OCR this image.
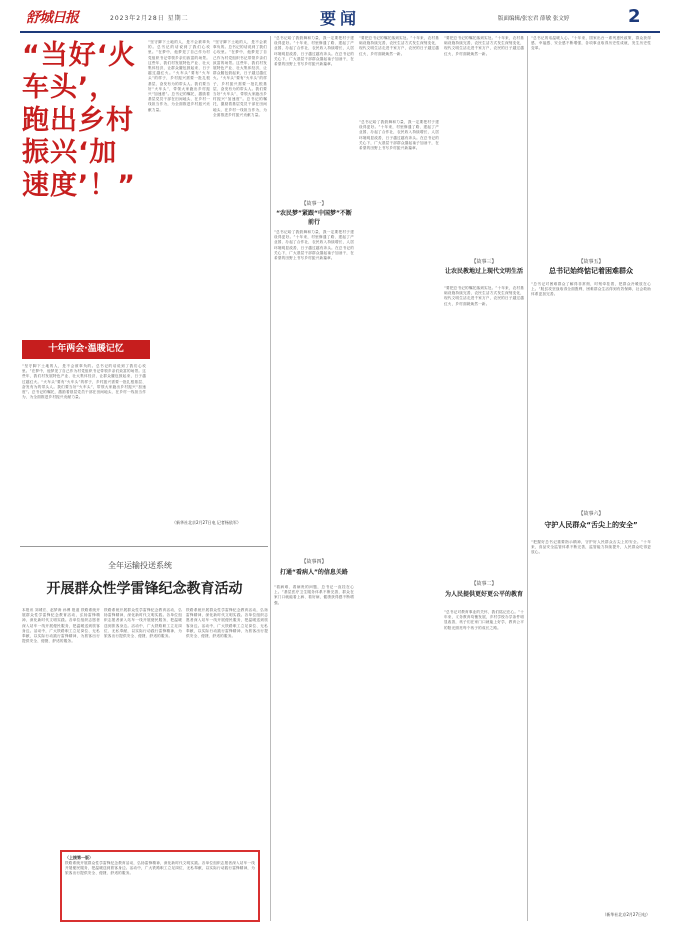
舒城日报	2023年2月28日 星期二	要闻	版面编辑/张宏君 薛敏 张文婷	2
“当好‘火车头’，跑出乡村振兴‘加速度’！”
十年两会·温暖记忆
“坚守脚下土地的人，是不会被辜负的。总书记的话说到了我们心坎里。”在梦中，他梦见了自己作为村党组织书记带领乡亲们致富的场景。这些年，我们村发展特色产业、壮大集体经济，让群众腰包鼓起来，日子越过越红火。“火车头”要有“火车头”的样子，乡村振兴需要一批扎根基层、奋发有为的带头人。我们要当好“火车头”，带领大家跑出乡村振兴“加速度”。总书记的嘱托，激励着基层党员干部在田间地头、在乡村一线担当作为，为全面推进乡村振兴贡献力量。
“坚守脚下土地的人，是不会被辜负的。总书记的话说到了我们心坎里。”在梦中，他梦见了自己作为村党组织书记带领乡亲们致富的场景。这些年，我们村发展特色产业、壮大集体经济，让群众腰包鼓起来，日子越过越红火。“火车头”要有“火车头”的样子，乡村振兴需要一批扎根基层、奋发有为的带头人。我们要当好“火车头”，带领大家跑出乡村振兴“加速度”。总书记的嘱托，激励着基层党员干部在田间地头、在乡村一线担当作为，为全面推进乡村振兴贡献力量。
“坚守脚下土地的人，是不会被辜负的。总书记的话说到了我们心坎里。”在梦中，他梦见了自己作为村党组织书记带领乡亲们致富的场景。这些年，我们村发展特色产业、壮大集体经济，让群众腰包鼓起来，日子越过越红火。“火车头”要有“火车头”的样子，乡村振兴需要一批扎根基层、奋发有为的带头人。我们要当好“火车头”，带领大家跑出乡村振兴“加速度”。总书记的嘱托，激励着基层党员干部在田间地头、在乡村一线担当作为，为全面推进乡村振兴贡献力量。
（新华社北京2月27日电 记者杨依军）
全年运输投送系统
开展群众性学雷锋纪念教育活动
本报讯 刘城宏、赵梦涛 孙博 报道 铁路系统开展群众性学雷锋纪念教育活动，弘扬雷锋精神，深化新时代文明实践。各单位组织志愿者深入站车一线开展便民服务，把温暖送到旅客身边。活动中，广大铁路职工立足岗位、无私奉献，以实际行动践行雷锋精神，为旅客出行提供安全、便捷、舒适的服务。
铁路系统开展群众性学雷锋纪念教育活动，弘扬雷锋精神，深化新时代文明实践。各单位组织志愿者深入站车一线开展便民服务，把温暖送到旅客身边。活动中，广大铁路职工立足岗位、无私奉献，以实际行动践行雷锋精神，为旅客出行提供安全、便捷、舒适的服务。
铁路系统开展群众性学雷锋纪念教育活动，弘扬雷锋精神，深化新时代文明实践。各单位组织志愿者深入站车一线开展便民服务，把温暖送到旅客身边。活动中，广大铁路职工立足岗位、无私奉献，以实际行动践行雷锋精神，为旅客出行提供安全、便捷、舒适的服务。
（上接第一版）
铁路系统开展群众性学雷锋纪念教育活动，弘扬雷锋精神，深化新时代文明实践。各单位组织志愿者深入站车一线开展便民服务，把温暖送到旅客身边。活动中，广大铁路职工立足岗位、无私奉献，以实际行动践行雷锋精神，为旅客出行提供安全、便捷、舒适的服务。
“总书记给了我鼓舞和力量，我一定要把村子建设得更好。”十年来，村里修通了路、建起了产业园、办起了合作社，农民收入持续增长，人居环境明显改善，日子越过越有奔头。在总书记的关心下，广大基层干部群众撸起袖子加油干，在希望的田野上书写乡村振兴新篇章。
“要把总书记的嘱托落到实处。”十年来，农村基础设施持续完善，农民生活方式发生深刻变化，现代文明生活走进千家万户，农民的日子越过越红火，乡村面貌焕然一新。
“要把总书记的嘱托落到实处。”十年来，农村基础设施持续完善，农民生活方式发生深刻变化，现代文明生活走进千家万户，农民的日子越过越红火，乡村面貌焕然一新。
【故事一】
“农民梦”紧跟“中国梦”不断前行
“总书记给了我鼓舞和力量，我一定要把村子建设得更好。”十年来，村里修通了路、建起了产业园、办起了合作社，农民收入持续增长，人居环境明显改善，日子越过越有奔头。在总书记的关心下，广大基层干部群众撸起袖子加油干，在希望的田野上书写乡村振兴新篇章。
【故事四】
打通“看病人”的信息关路
“看病难、看病贵的问题，总书记一直挂在心上。”基层医疗卫生服务体系不断完善，群众在家门口就能看上病、看好病，健康获得感不断增强。
“总书记给了我鼓舞和力量，我一定要把村子建设得更好。”十年来，村里修通了路、建起了产业园、办起了合作社，农民收入持续增长，人居环境明显改善，日子越过越有奔头。在总书记的关心下，广大基层干部群众撸起袖子加油干，在希望的田野上书写乡村振兴新篇章。
【故事三】
让农民教地过上现代文明生活
“要把总书记的嘱托落到实处。”十年来，农村基础设施持续完善，农民生活方式发生深刻变化，现代文明生活走进千家万户，农民的日子越过越红火，乡村面貌焕然一新。
【故事二】
为人民提供更好更公平的教育
“总书记对教育事业的关怀，我们铭记在心。”十年来，义务教育均衡发展，乡村学校办学条件明显改善，孩子们在家门口就能上好学，教育公平的阳光照亮每个孩子的成长之路。
“总书记的话温暖人心。”十年来，国家出台一系列惠民政策，群众获得感、幸福感、安全感不断增强，各项事业取得历史性成就，发生历史性变革。
【故事五】
总书记始终惦记着困难群众
“总书记对困难群众了解得非常细，时刻牵挂着，把群众冷暖放在心上。”脱贫攻坚战取得全面胜利，困难群众生活得到有效保障，社会救助体系更加完善。
【故事六】
守护人民群众“舌尖上的安全”
“把握好总书记重要指示精神，守护好人民群众舌尖上的安全。”十年来，食品安全监管体系不断完善，监管能力持续提升，人民群众吃得更放心。
（新华社北京2月27日电）
